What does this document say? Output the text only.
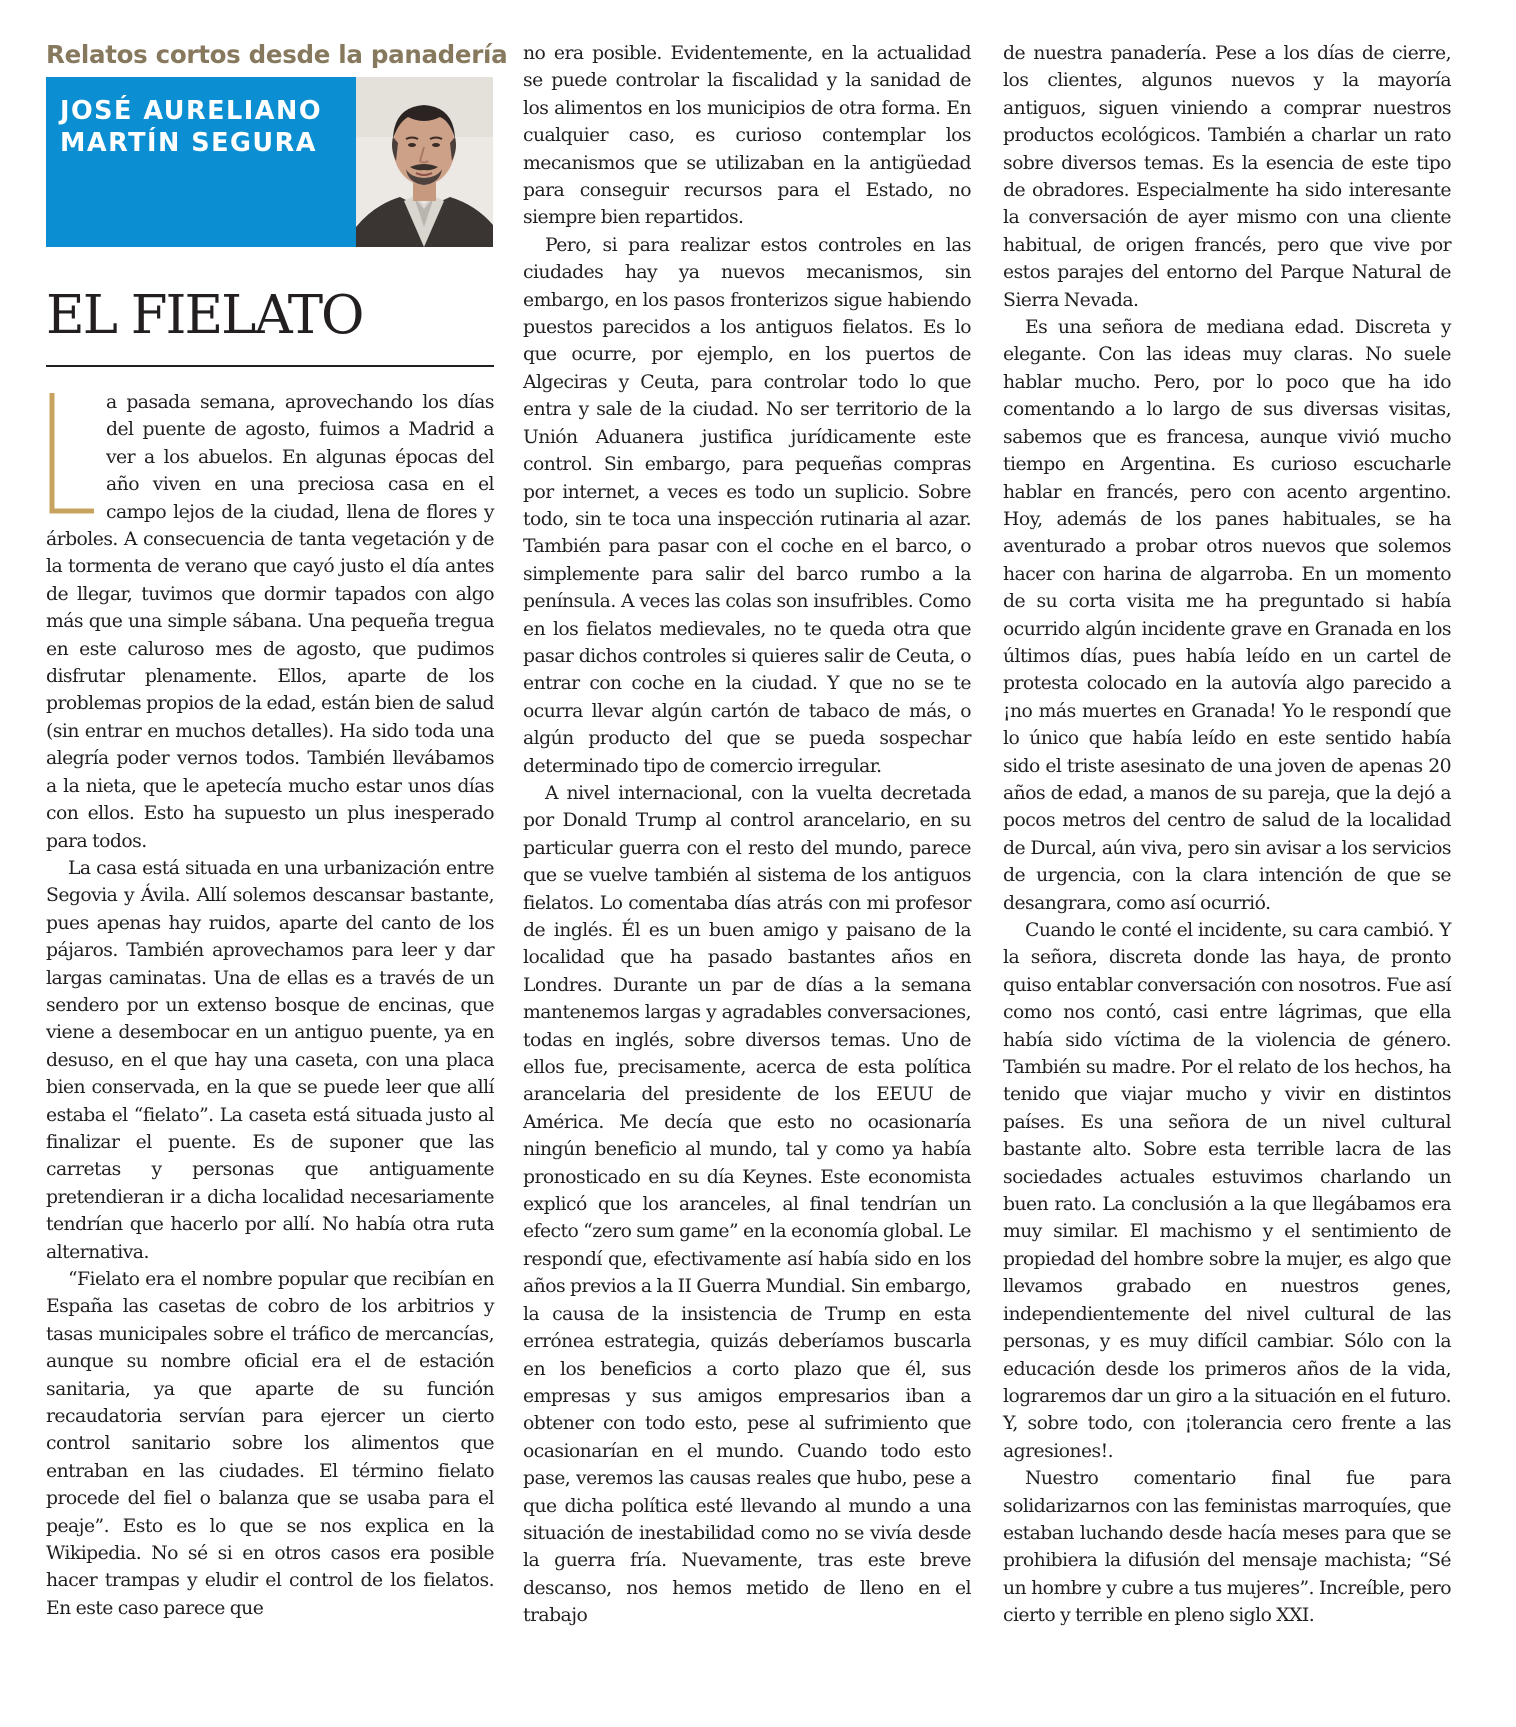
Relatos cortos desde la panadería
JOSÉ AURELIANO
MARTÍN SEGURA
EL FIELATO

a pasada semana, aprovechando los días del puente de agosto, fuimos a Madrid a ver a los abuelos. En algunas épocas del año viven en una preciosa casa en el campo lejos de la ciudad, llena de flores y árboles. A consecuencia de tanta vegetación y de la tormenta de verano que cayó justo el día antes de llegar, tuvimos que dormir tapados con algo más que una simple sábana. Una pequeña tregua en este caluroso mes de agosto, que pudimos disfrutar plenamente. Ellos, aparte de los problemas propios de la edad, están bien de salud (sin entrar en muchos detalles). Ha sido toda una alegría poder vernos todos. También llevábamos a la nieta, que le apetecía mucho estar unos días con ellos. Esto ha supuesto un plus inesperado para todos.

La casa está situada en una urbanización entre Segovia y Ávila. Allí solemos descansar bastante, pues apenas hay ruidos, aparte del canto de los pájaros. También aprovechamos para leer y dar largas caminatas. Una de ellas es a través de un sendero por un extenso bosque de encinas, que viene a desembocar en un antiguo puente, ya en desuso, en el que hay una caseta, con una placa bien conservada, en la que se puede leer que allí estaba el “fielato”. La caseta está situada justo al finalizar el puente. Es de suponer que las carretas y personas que antiguamente pretendieran ir a dicha localidad necesariamente tendrían que hacerlo por allí. No había otra ruta alternativa.

“Fielato era el nombre popular que recibían en España las casetas de cobro de los arbitrios y tasas municipales sobre el tráfico de mercancías, aunque su nombre oficial era el de estación sanitaria, ya que aparte de su función recaudatoria servían para ejercer un cierto control sanitario sobre los alimentos que entraban en las ciudades. El término fielato procede del fiel o balanza que se usaba para el peaje”. Esto es lo que se nos explica en la Wikipedia. No sé si en otros casos era posible hacer trampas y eludir el control de los fielatos. En este caso parece que

no era posible. Evidentemente, en la actualidad se puede controlar la fiscalidad y la sanidad de los alimentos en los municipios de otra forma. En cualquier caso, es curioso contemplar los mecanismos que se utilizaban en la antigüedad para conseguir recursos para el Estado, no siempre bien repartidos.

Pero, si para realizar estos controles en las ciudades hay ya nuevos mecanismos, sin embargo, en los pasos fronterizos sigue habiendo puestos parecidos a los antiguos fielatos. Es lo que ocurre, por ejemplo, en los puertos de Algeciras y Ceuta, para controlar todo lo que entra y sale de la ciudad. No ser territorio de la Unión Aduanera justifica jurídicamente este control. Sin embargo, para pequeñas compras por internet, a veces es todo un suplicio. Sobre todo, sin te toca una inspección rutinaria al azar. También para pasar con el coche en el barco, o simplemente para salir del barco rumbo a la península. A veces las colas son insufribles. Como en los fielatos medievales, no te queda otra que pasar dichos controles si quieres salir de Ceuta, o entrar con coche en la ciudad. Y que no se te ocurra llevar algún cartón de tabaco de más, o algún producto del que se pueda sospechar determinado tipo de comercio irregular.

A nivel internacional, con la vuelta decretada por Donald Trump al control arancelario, en su particular guerra con el resto del mundo, parece que se vuelve también al sistema de los antiguos fielatos. Lo comentaba días atrás con mi profesor de inglés. Él es un buen amigo y paisano de la localidad que ha pasado bastantes años en Londres. Durante un par de días a la semana mantenemos largas y agradables conversaciones, todas en inglés, sobre diversos temas. Uno de ellos fue, precisamente, acerca de esta política arancelaria del presidente de los EEUU de América. Me decía que esto no ocasionaría ningún beneficio al mundo, tal y como ya había pronosticado en su día Keynes. Este economista explicó que los aranceles, al final tendrían un efecto “zero sum game” en la economía global. Le respondí que, efectivamente así había sido en los años previos a la II Guerra Mundial. Sin embargo, la causa de la insistencia de Trump en esta errónea estrategia, quizás deberíamos buscarla en los beneficios a corto plazo que él, sus empresas y sus amigos empresarios iban a obtener con todo esto, pese al sufrimiento que ocasionarían en el mundo. Cuando todo esto pase, veremos las causas reales que hubo, pese a que dicha política esté llevando al mundo a una situación de inestabilidad como no se vivía desde la guerra fría. Nuevamente, tras este breve descanso, nos hemos metido de lleno en el trabajo

de nuestra panadería. Pese a los días de cierre, los clientes, algunos nuevos y la mayoría antiguos, siguen viniendo a comprar nuestros productos ecológicos. También a charlar un rato sobre diversos temas. Es la esencia de este tipo de obradores. Especialmente ha sido interesante la conversación de ayer mismo con una cliente habitual, de origen francés, pero que vive por estos parajes del entorno del Parque Natural de Sierra Nevada.

Es una señora de mediana edad. Discreta y elegante. Con las ideas muy claras. No suele hablar mucho. Pero, por lo poco que ha ido comentando a lo largo de sus diversas visitas, sabemos que es francesa, aunque vivió mucho tiempo en Argentina. Es curioso escucharle hablar en francés, pero con acento argentino. Hoy, además de los panes habituales, se ha aventurado a probar otros nuevos que solemos hacer con harina de algarroba. En un momento de su corta visita me ha preguntado si había ocurrido algún incidente grave en Granada en los últimos días, pues había leído en un cartel de protesta colocado en la autovía algo parecido a ¡no más muertes en Granada! Yo le respondí que lo único que había leído en este sentido había sido el triste asesinato de una joven de apenas 20 años de edad, a manos de su pareja, que la dejó a pocos metros del centro de salud de la localidad de Durcal, aún viva, pero sin avisar a los servicios de urgencia, con la clara intención de que se desangrara, como así ocurrió.

Cuando le conté el incidente, su cara cambió. Y la señora, discreta donde las haya, de pronto quiso entablar conversación con nosotros. Fue así como nos contó, casi entre lágrimas, que ella había sido víctima de la violencia de género. También su madre. Por el relato de los hechos, ha tenido que viajar mucho y vivir en distintos países. Es una señora de un nivel cultural bastante alto. Sobre esta terrible lacra de las sociedades actuales estuvimos charlando un buen rato. La conclusión a la que llegábamos era muy similar. El machismo y el sentimiento de propiedad del hombre sobre la mujer, es algo que llevamos grabado en nuestros genes, independientemente del nivel cultural de las personas, y es muy difícil cambiar. Sólo con la educación desde los primeros años de la vida, lograremos dar un giro a la situación en el futuro. Y, sobre todo, con ¡tolerancia cero frente a las agresiones!.

Nuestro comentario final fue para solidarizarnos con las feministas marroquíes, que estaban luchando desde hacía meses para que se prohibiera la difusión del mensaje machista; “Sé un hombre y cubre a tus mujeres”. Increíble, pero cierto y terrible en pleno siglo XXI.
